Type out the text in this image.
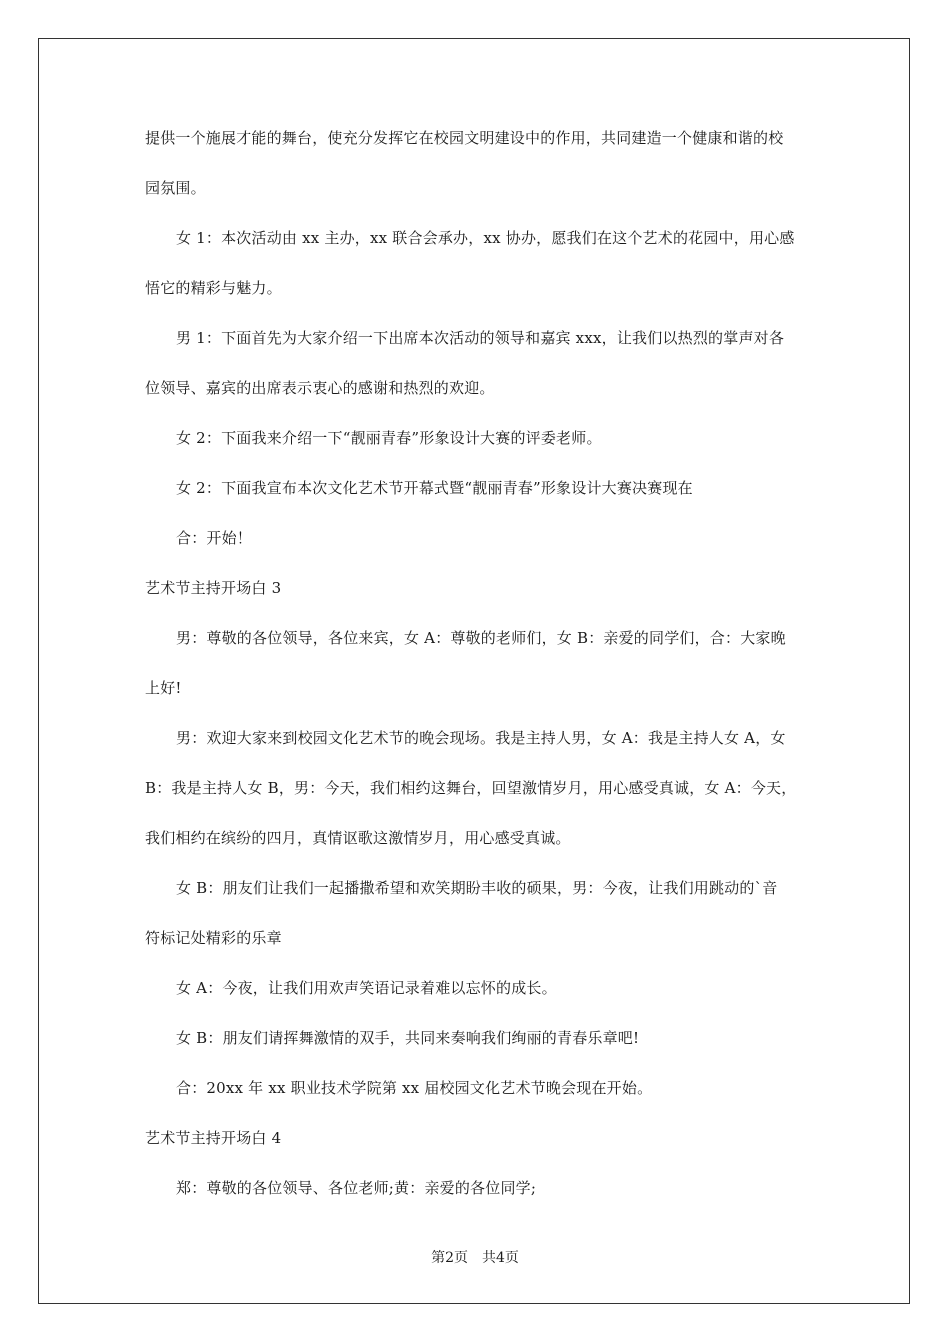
提供一个施展才能的舞台，使充分发挥它在校园文明建设中的作用，共同建造一个健康和谐的校
园氛围。
女 1：本次活动由 xx 主办，xx 联合会承办，xx 协办，愿我们在这个艺术的花园中，用心感
悟它的精彩与魅力。
男 1：下面首先为大家介绍一下出席本次活动的领导和嘉宾 xxx，让我们以热烈的掌声对各
位领导、嘉宾的出席表示衷心的感谢和热烈的欢迎。
女 2：下面我来介绍一下“靓丽青春”形象设计大赛的评委老师。
女 2：下面我宣布本次文化艺术节开幕式暨“靓丽青春”形象设计大赛决赛现在
合：开始！
艺术节主持开场白 3
男：尊敬的各位领导，各位来宾，女 A：尊敬的老师们，女 B：亲爱的同学们，合：大家晚
上好!
男：欢迎大家来到校园文化艺术节的晚会现场。我是主持人男，女 A：我是主持人女 A，女
B：我是主持人女 B，男：今天，我们相约这舞台，回望激情岁月，用心感受真诚，女 A：今天，
我们相约在缤纷的四月，真情讴歌这激情岁月，用心感受真诚。
女 B：朋友们让我们一起播撒希望和欢笑期盼丰收的硕果，男：今夜，让我们用跳动的`音
符标记处精彩的乐章
女 A：今夜，让我们用欢声笑语记录着难以忘怀的成长。
女 B：朋友们请挥舞激情的双手，共同来奏响我们绚丽的青春乐章吧!
合：20xx 年 xx 职业技术学院第 xx 届校园文化艺术节晚会现在开始。
艺术节主持开场白 4
郑：尊敬的各位领导、各位老师;黄：亲爱的各位同学;
第2页　共4页
